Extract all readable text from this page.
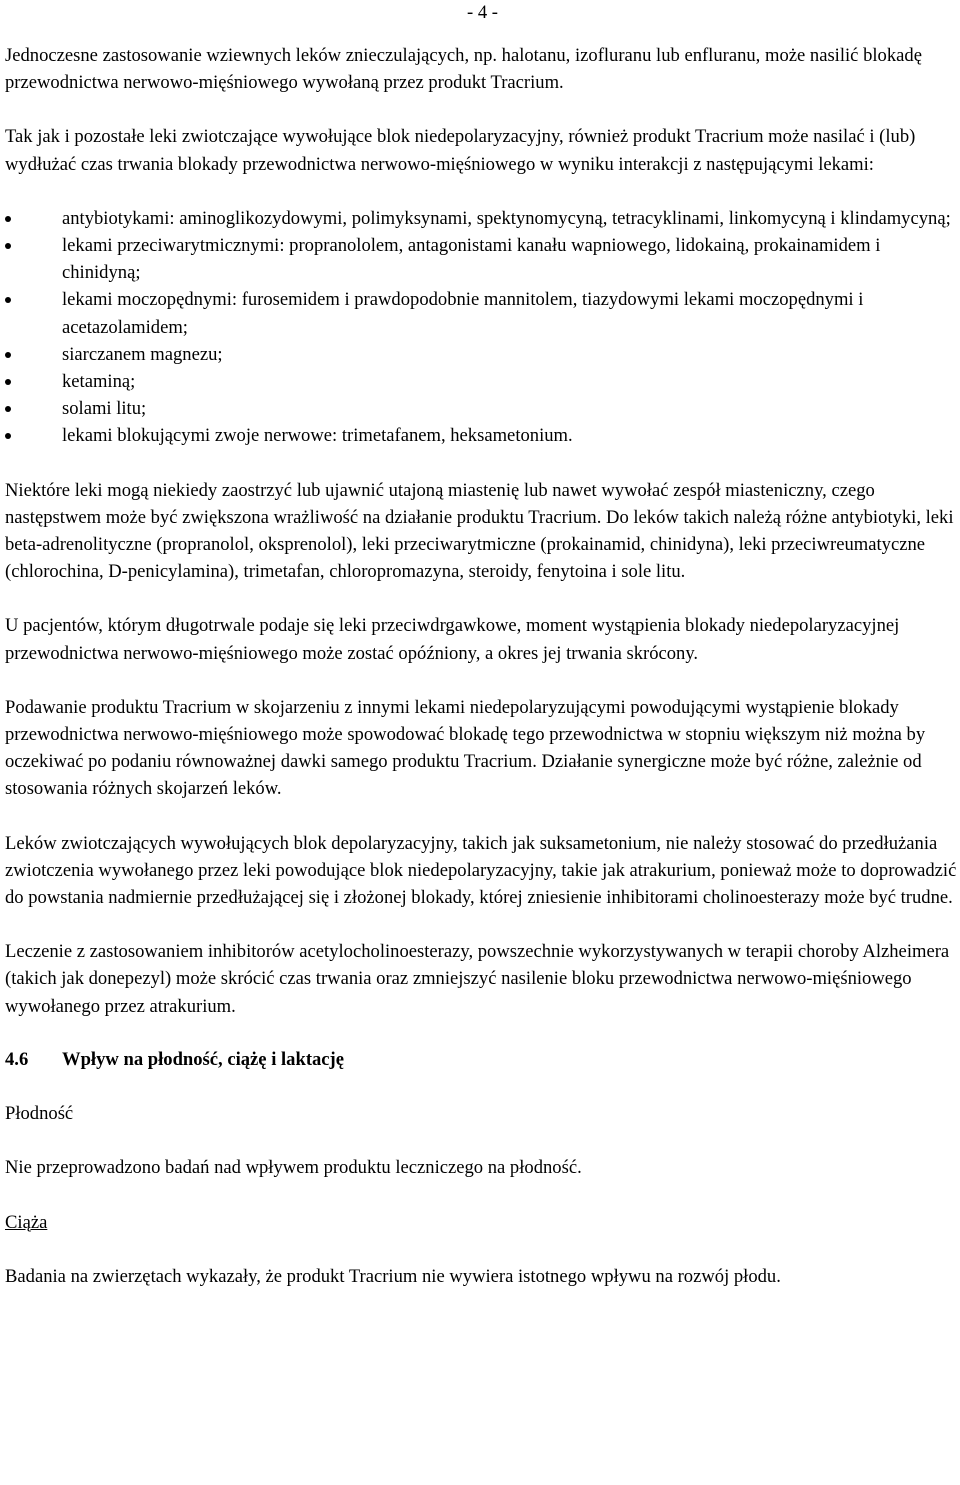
- 4 -

Jednoczesne zastosowanie wziewnych leków znieczulających, np. halotanu, izofluranu lub enfluranu, może nasilić blokadę przewodnictwa nerwowo-mięśniowego wywołaną przez produkt Tracrium.

Tak jak i pozostałe leki zwiotczające wywołujące blok niedepolaryzacyjny, również produkt Tracrium może nasilać i (lub) wydłużać czas trwania blokady przewodnictwa nerwowo-mięśniowego w wyniku interakcji z następującymi lekami:

antybiotykami: aminoglikozydowymi, polimyksynami, spektynomycyną, tetracyklinami, linkomycyną i klindamycyną;
lekami przeciwarytmicznymi: propranololem, antagonistami kanału wapniowego, lidokainą, prokainamidem i chinidyną;
lekami moczopędnymi: furosemidem i prawdopodobnie mannitolem, tiazydowymi lekami moczopędnymi i acetazolamidem;
siarczanem magnezu;
ketaminą;
solami litu;
lekami blokującymi zwoje nerwowe: trimetafanem, heksametonium.

Niektóre leki mogą niekiedy zaostrzyć lub ujawnić utajoną miastenię lub nawet wywołać zespół miasteniczny, czego następstwem może być zwiększona wrażliwość na działanie produktu Tracrium. Do leków takich należą różne antybiotyki, leki beta-adrenolityczne (propranolol, oksprenolol), leki przeciwarytmiczne (prokainamid, chinidyna), leki przeciwreumatyczne (chlorochina, D-penicylamina), trimetafan, chloropromazyna, steroidy, fenytoina i sole litu.

U pacjentów, którym długotrwale podaje się leki przeciwdrgawkowe, moment wystąpienia blokady niedepolaryzacyjnej przewodnictwa nerwowo-mięśniowego może zostać opóźniony, a okres jej trwania skrócony.

Podawanie produktu Tracrium w skojarzeniu z innymi lekami niedepolaryzującymi powodującymi wystąpienie blokady przewodnictwa nerwowo-mięśniowego może spowodować blokadę tego przewodnictwa w stopniu większym niż można by oczekiwać po podaniu równoważnej dawki samego produktu Tracrium. Działanie synergiczne może być różne, zależnie od stosowania różnych skojarzeń leków.

Leków zwiotczających wywołujących blok depolaryzacyjny, takich jak suksametonium, nie należy stosować do przedłużania zwiotczenia wywołanego przez leki powodujące blok niedepolaryzacyjny, takie jak atrakurium, ponieważ może to doprowadzić do powstania nadmiernie przedłużającej się i złożonej blokady, której zniesienie inhibitorami cholinoesterazy może być trudne.

Leczenie z zastosowaniem inhibitorów acetylocholinoesterazy, powszechnie wykorzystywanych w terapii choroby Alzheimera (takich jak donepezyl) może skrócić czas trwania oraz zmniejszyć nasilenie bloku przewodnictwa nerwowo-mięśniowego wywołanego przez atrakurium.

4.6 Wpływ na płodność, ciążę i laktację

Płodność

Nie przeprowadzono badań nad wpływem produktu leczniczego na płodność.

Ciąża

Badania na zwierzętach wykazały, że produkt Tracrium nie wywiera istotnego wpływu na rozwój płodu.
